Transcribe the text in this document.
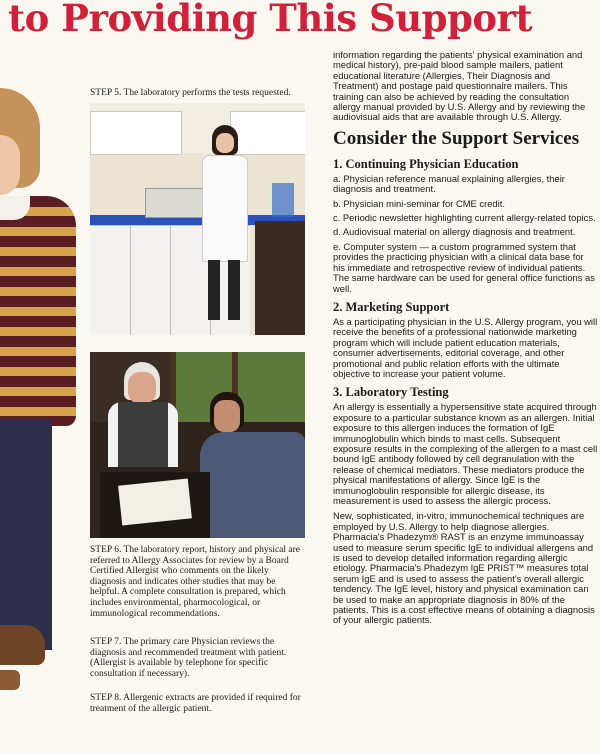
to Providing This Support

STEP 5. The laboratory performs the tests requested.

STEP 6. The laboratory report, history and physical are referred to Allergy Associates for review by a Board Certified Allergist who comments on the likely diagnosis and indicates other studies that may be helpful. A complete consultation is prepared, which includes environmental, pharmocological, or immunological recommendations.

STEP 7. The primary care Physician reviews the diagnosis and recommended treatment with patient. (Allergist is available by telephone for specific consultation if necessary).

STEP 8. Allergenic extracts are provided if required for treatment of the allergic patient.

information regarding the patients' physical examination and medical history), pre-paid blood sample mailers, patient educational literature (Allergies, Their Diagnosis and Treatment) and postage paid questionnaire mailers. This training can also be achieved by reading the consultation allergy manual provided by U.S. Allergy and by reviewing the audiovisual aids that are available through U.S. Allergy.

Consider the Support Services
1. Continuing Physician Education

a. Physician reference manual explaining allergies, their diagnosis and treatment.

b. Physician mini-seminar for CME credit.

c. Periodic newsletter highlighting current allergy-related topics.

d. Audiovisual material on allergy diagnosis and treatment.

e. Computer system — a custom programmed system that provides the practicing physician with a clinical data base for his immediate and retrospective review of individual patients. The same hardware can be used for general office functions as well.

2. Marketing Support

As a participating physician in the U.S. Allergy program, you will receive the benefits of a professional nationwide marketing program which will include patient education materials, consumer advertisements, editorial coverage, and other promotional and public relation efforts with the ultimate objective to increase your patient volume.

3. Laboratory Testing

An allergy is essentially a hypersensitive state acquired through exposure to a particular substance known as an allergen. Initial exposure to this allergen induces the formation of IgE immunoglobulin which binds to mast cells. Subsequent exposure results in the complexing of the allergen to a mast cell bound IgE antibody followed by cell degranulation with the release of chemical mediators. These mediators produce the physical manifestations of allergy. Since IgE is the immunoglobulin responsible for allergic disease, its measurement is used to assess the allergic process.

New, sophisticated, in-vitro, immunochemical techniques are employed by U.S. Allergy to help diagnose allergies. Pharmacia's Phadezym® RAST is an enzyme immunoassay used to measure serum specific IgE to individual allergens and is used to develop detailed information regarding allergic etiology. Pharmacia's Phadezym IgE PRIST™ measures total serum IgE and is used to assess the patient's overall allergic tendency. The IgE level, history and physical examination can be used to make an appropriate diagnosis in 80% of the patients. This is a cost effective means of obtaining a diagnosis of your allergic patients.
